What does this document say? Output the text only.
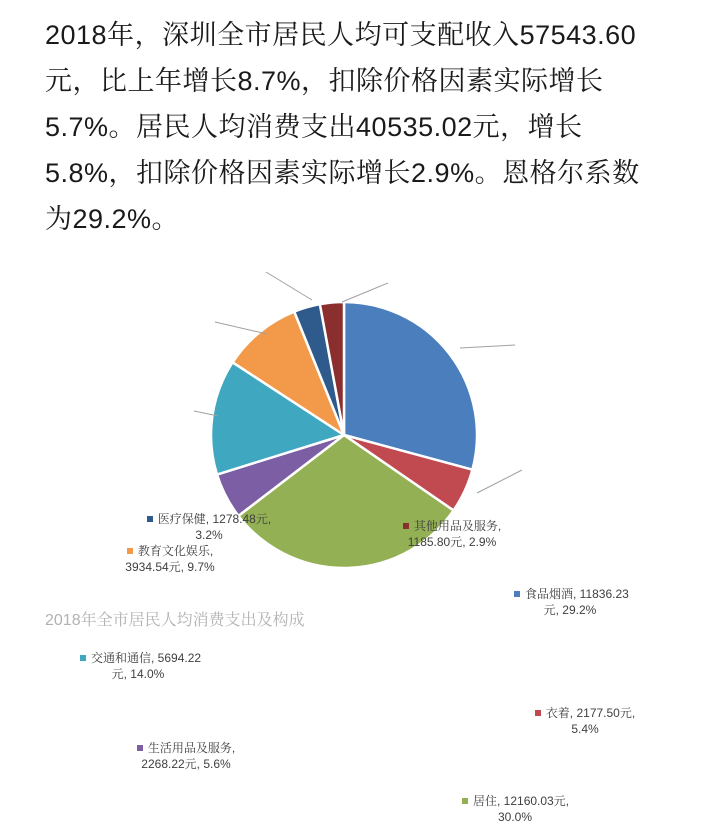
2018年，深圳全市居民人均可支配收入57543.60
元，比上年增长8.7%，扣除价格因素实际增长
5.7%。居民人均消费支出40535.02元，增长
5.8%，扣除价格因素实际增长2.9%。恩格尔系数
为29.2%。
食品烟酒, 11836.23
元, 29.2%
衣着, 2177.50元,
5.4%
居住, 12160.03元,
30.0%
生活用品及服务,
2268.22元, 5.6%
交通和通信, 5694.22
元, 14.0%
教育文化娱乐,
3934.54元, 9.7%
医疗保健, 1278.48元,
3.2%
其他用品及服务,
1185.80元, 2.9%
2018年全市居民人均消费支出及构成
